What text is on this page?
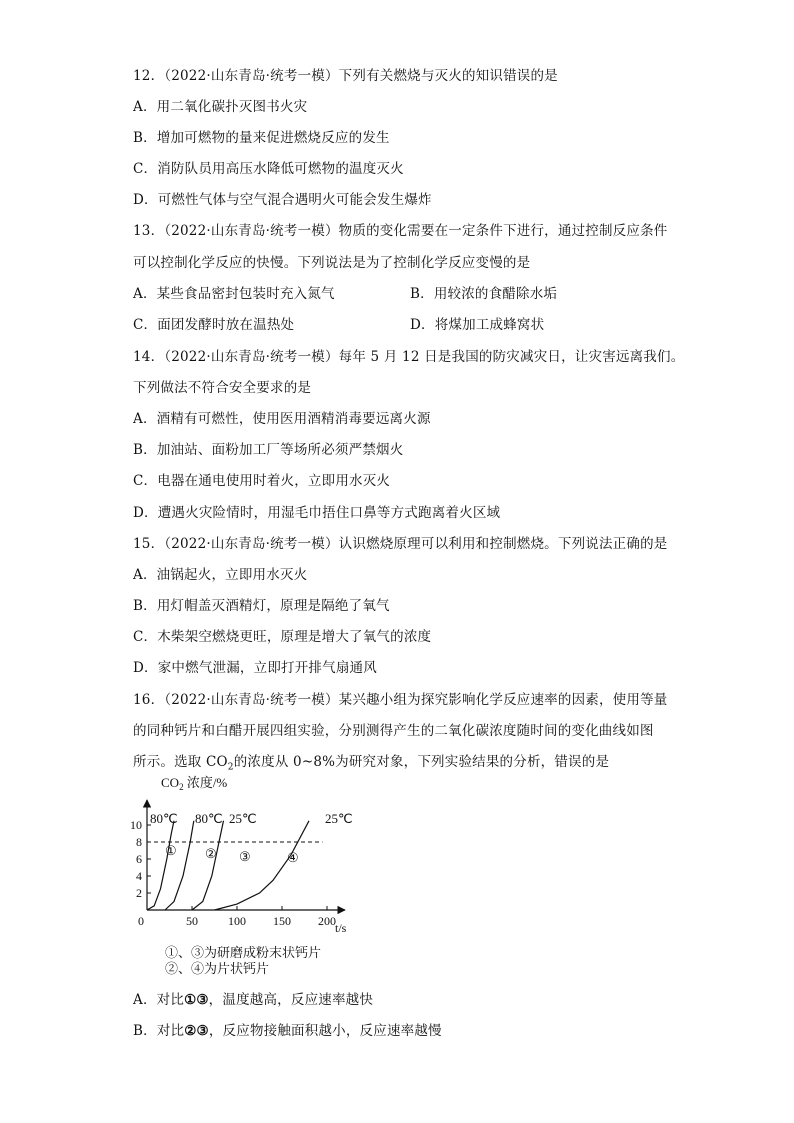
12．（2022·山东青岛·统考一模）下列有关燃烧与灭火的知识错误的是
A．用二氧化碳扑灭图书火灾
B．增加可燃物的量来促进燃烧反应的发生
C．消防队员用高压水降低可燃物的温度灭火
D．可燃性气体与空气混合遇明火可能会发生爆炸
13．（2022·山东青岛·统考一模）物质的变化需要在一定条件下进行，通过控制反应条件
可以控制化学反应的快慢。下列说法是为了控制化学反应变慢的是
A．某些食品密封包装时充入氮气	B．用较浓的食醋除水垢
C．面团发酵时放在温热处	D．将煤加工成蜂窝状
14．（2022·山东青岛·统考一模）每年 5 月 12 日是我国的防灾减灾日，让灾害远离我们。
下列做法不符合安全要求的是
A．酒精有可燃性，使用医用酒精消毒要远离火源
B．加油站、面粉加工厂等场所必须严禁烟火
C．电器在通电使用时着火，立即用水灭火
D．遭遇火灾险情时，用湿毛巾捂住口鼻等方式跑离着火区域
15．（2022·山东青岛·统考一模）认识燃烧原理可以利用和控制燃烧。下列说法正确的是
A．油锅起火，立即用水灭火
B．用灯帽盖灭酒精灯，原理是隔绝了氧气
C．木柴架空燃烧更旺，原理是增大了氧气的浓度
D．家中燃气泄漏，立即打开排气扇通风
16．（2022·山东青岛·统考一模）某兴趣小组为探究影响化学反应速率的因素，使用等量
的同种钙片和白醋开展四组实验，分别测得产生的二氧化碳浓度随时间的变化曲线如图
所示。选取 $CO_2$的浓度从 0~8%为研究对象，下列实验结果的分析，错误的是
0	50	100 150 200
2
4
6
8
10
$CO_2$ 浓度/%
t/s
①
80℃
②
80℃
③
25℃
④
25℃
①、③为研磨成粉末状钙片
②、④为片状钙片
A．对比①③，温度越高，反应速率越快
B．对比②③，反应物接触面积越小，反应速率越慢
